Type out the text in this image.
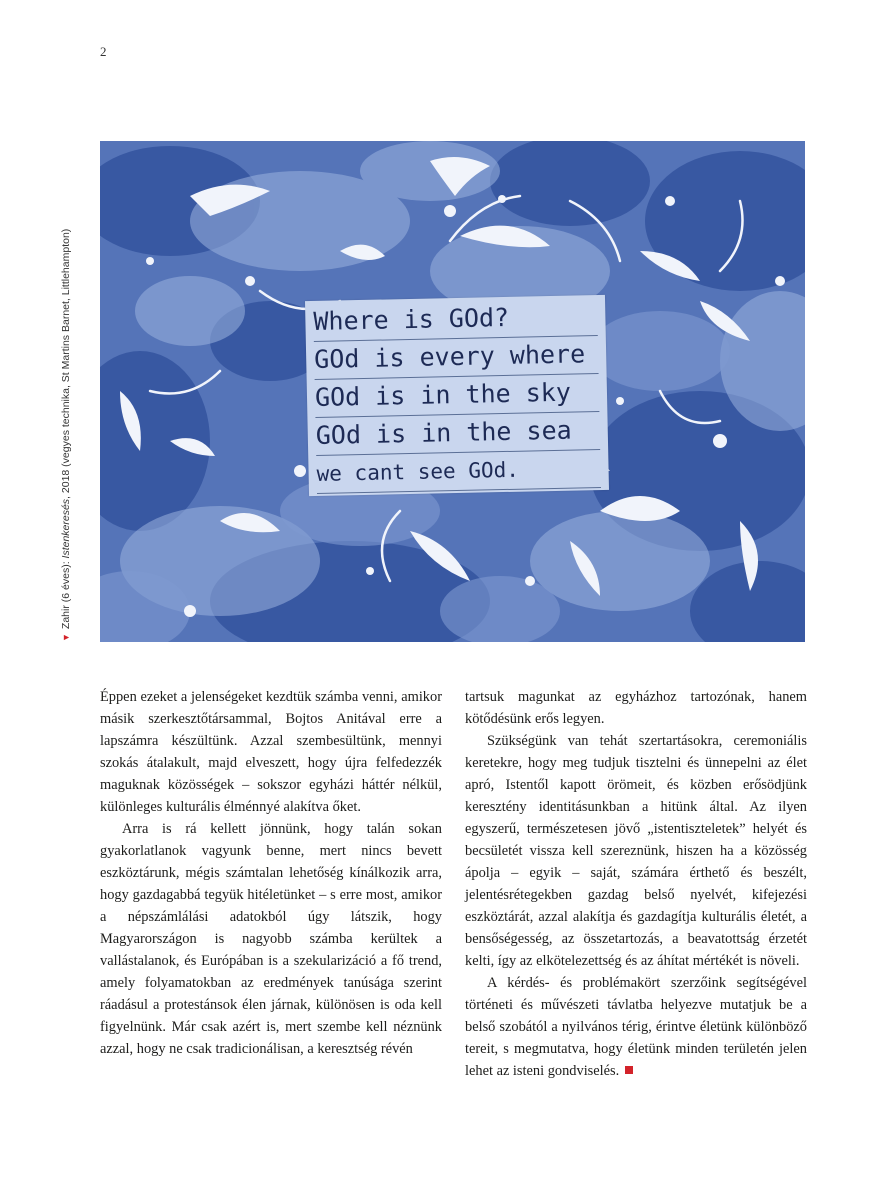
2
▼Zahir (6 éves): Istenkeresés, 2018 (vegyes technika, St Martins Barnet, Littlehampton)	Where is GOd?
GOd is every where
GOd is in the sky
GOd is in the sea
we cant see GOd.

Éppen ezeket a jelenségeket kezdtük számba venni, amikor másik szerkesztőtársammal, Bojtos Anitával erre a lapszámra készültünk. Azzal szembesültünk, mennyi szokás átalakult, majd elveszett, hogy újra felfedezzék maguknak közösségek – sokszor egyházi háttér nélkül, különleges kulturális élménnyé alakítva őket.

Arra is rá kellett jönnünk, hogy talán sokan gyakorlatlanok vagyunk benne, mert nincs bevett eszköztárunk, mégis számtalan lehetőség kínálkozik arra, hogy gazdagabbá tegyük hitéletünket – s erre most, amikor a népszámlálási adatokból úgy látszik, hogy Magyarországon is nagyobb számba kerültek a vallástalanok, és Európában is a szekularizáció a fő trend, amely folyamatokban az eredmények tanúsága szerint ráadásul a protestánsok élen járnak, különösen is oda kell figyelnünk. Már csak azért is, mert szembe kell néznünk azzal, hogy ne csak tradicionálisan, a keresztség révén

tartsuk magunkat az egyházhoz tartozónak, hanem kötődésünk erős legyen.

Szükségünk van tehát szertartásokra, ceremoniális keretekre, hogy meg tudjuk tisztelni és ünnepelni az élet apró, Istentől kapott örömeit, és közben erősödjünk keresztény identitásunkban a hitünk által. Az ilyen egyszerű, természetesen jövő „istentiszteletek” helyét és becsületét vissza kell szereznünk, hiszen ha a közösség ápolja – egyik – saját, számára érthető és beszélt, jelentésrétegekben gazdag belső nyelvét, kifejezési eszköztárát, azzal alakítja és gazdagítja kulturális életét, a bensőségesség, az összetartozás, a beavatottság érzetét kelti, így az elkötelezettség és az áhítat mértékét is növeli.

A kérdés- és problémakört szerzőink segítségével történeti és művészeti távlatba helyezve mutatjuk be a belső szobától a nyilvános térig, érintve életünk különböző tereit, s megmutatva, hogy életünk minden területén jelen lehet az isteni gondviselés.
